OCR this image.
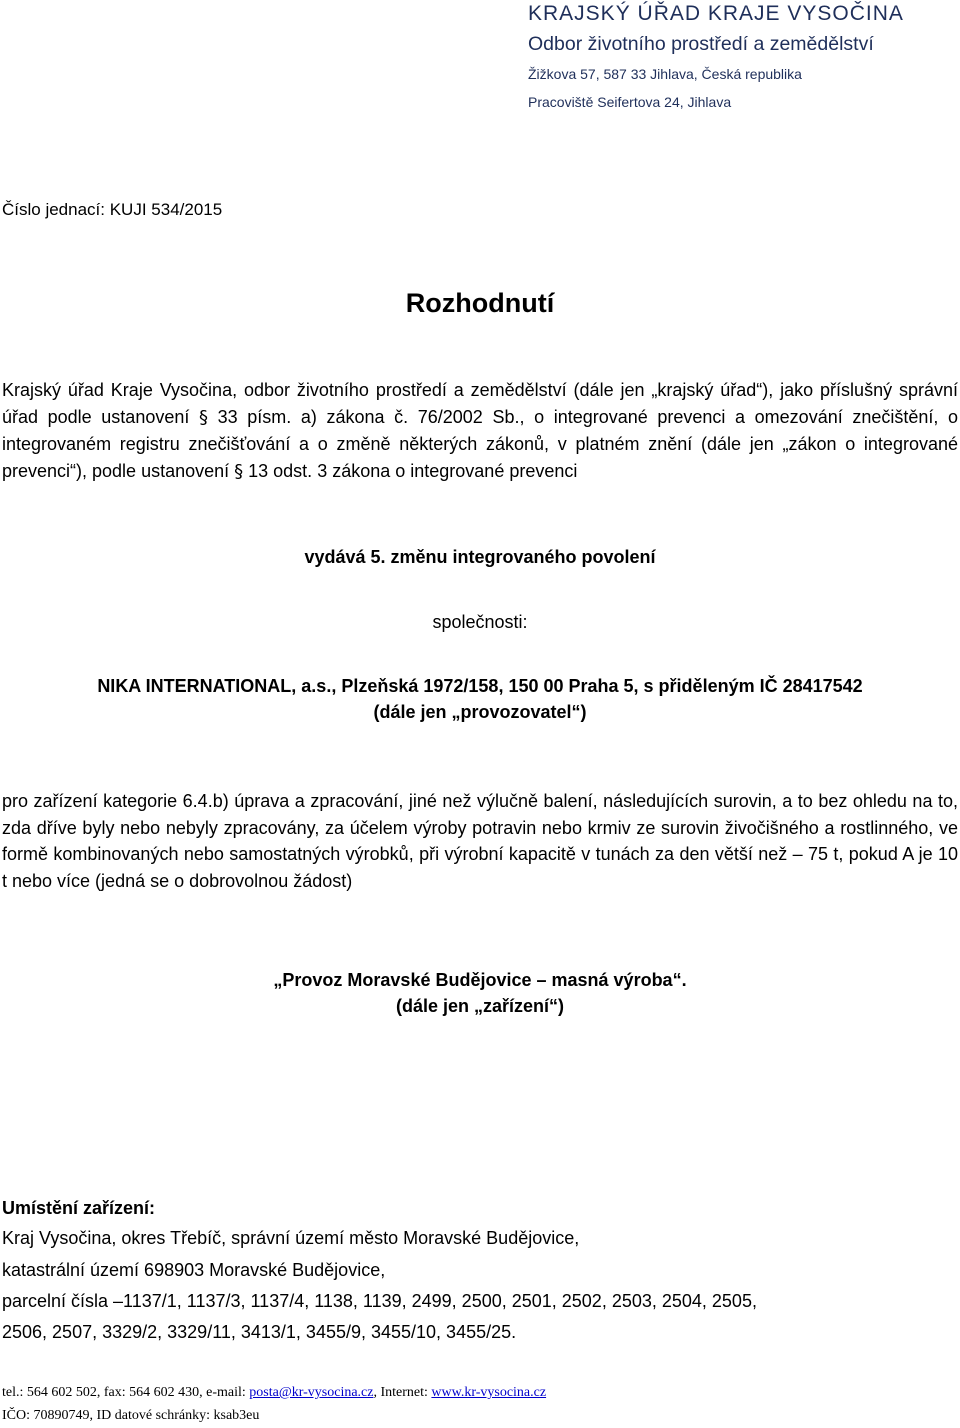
KRAJSKÝ ÚŘAD KRAJE VYSOČINA
Odbor životního prostředí a zemědělství
Žižkova 57, 587 33 Jihlava, Česká republika
Pracoviště Seifertova 24, Jihlava
Číslo jednací: KUJI 534/2015
Rozhodnutí
Krajský úřad Kraje Vysočina, odbor životního prostředí a zemědělství (dále jen „krajský úřad“), jako příslušný správní úřad podle ustanovení § 33 písm. a) zákona č. 76/2002 Sb., o integrované prevenci a omezování znečištění, o integrovaném registru znečišťování a o změně některých zákonů, v platném znění (dále jen „zákon o integrované prevenci“), podle ustanovení § 13 odst. 3 zákona o integrované prevenci
vydává 5. změnu integrovaného povolení
společnosti:
NIKA INTERNATIONAL, a.s., Plzeňská 1972/158, 150 00 Praha 5, s přiděleným IČ 28417542
(dále jen „provozovatel“)
pro zařízení kategorie 6.4.b) úprava a zpracování, jiné než výlučně balení, následujících surovin, a to bez ohledu na to, zda dříve byly nebo nebyly zpracovány, za účelem výroby potravin nebo krmiv ze surovin živočišného a rostlinného, ve formě kombinovaných nebo samostatných výrobků, při výrobní kapacitě v tunách za den větší než – 75 t, pokud A je 10 t nebo více (jedná se o dobrovolnou žádost)
„Provoz Moravské Budějovice – masná výroba“.
(dále jen „zařízení“)
Umístění zařízení:
Kraj Vysočina, okres Třebíč, správní území město Moravské Budějovice,
katastrální území 698903 Moravské Budějovice,
parcelní čísla –1137/1, 1137/3, 1137/4, 1138, 1139, 2499, 2500, 2501, 2502, 2503, 2504, 2505,
2506, 2507, 3329/2, 3329/11, 3413/1, 3455/9, 3455/10, 3455/25.
tel.: 564 602 502, fax: 564 602 430, e-mail: posta@kr-vysocina.cz, Internet: www.kr-vysocina.cz
IČO: 70890749, ID datové schránky: ksab3eu
